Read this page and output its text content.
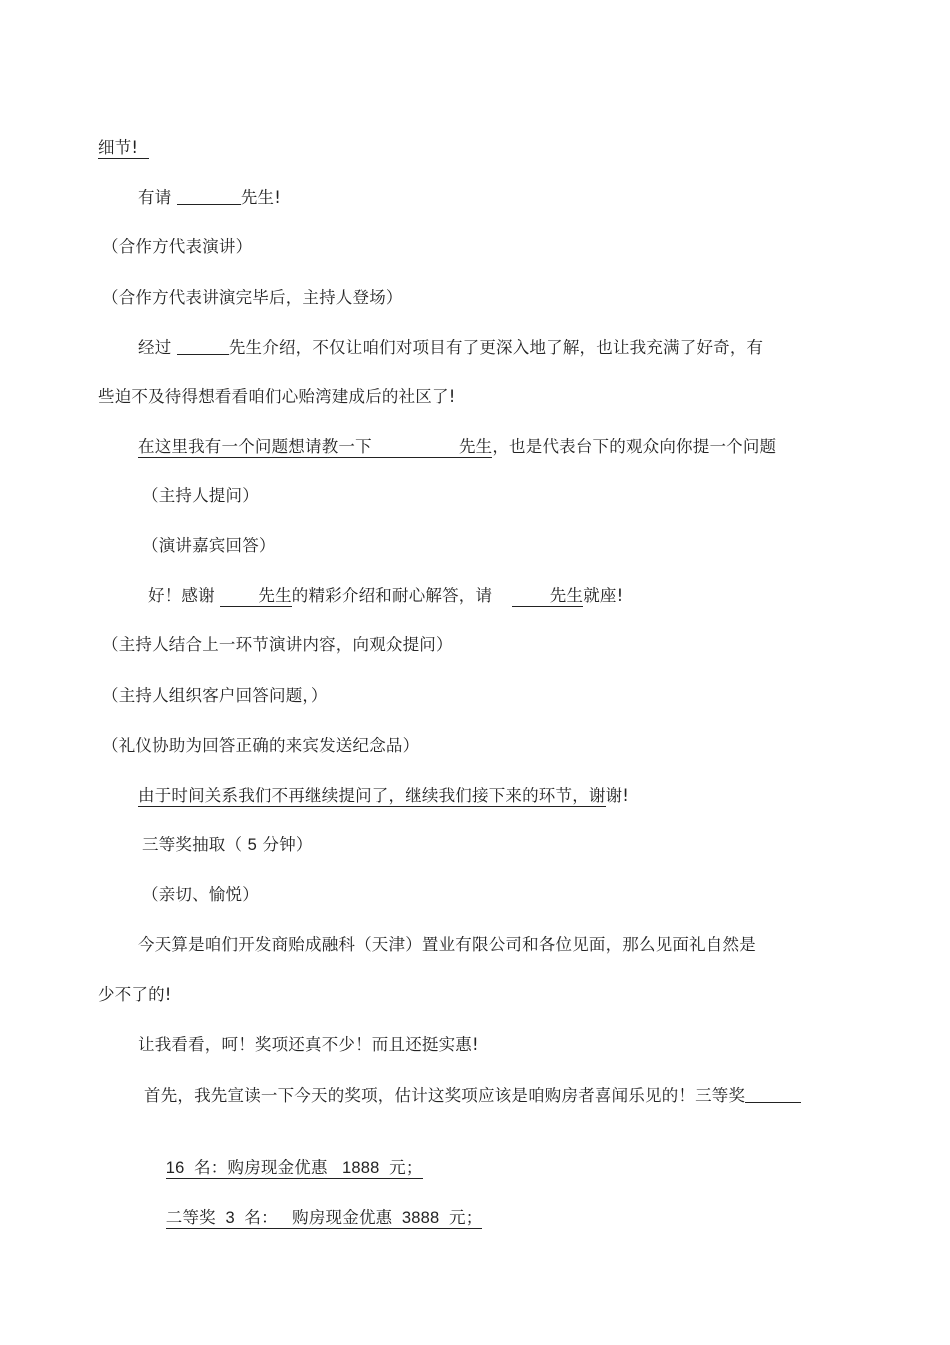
细节!
有请	先生!
（合作方代表演讲）
（合作方代表讲演完毕后，主持人登场）
经过	先生介绍，不仅让咱们对项目有了更深入地了解，也让我充满了好奇，有
些迫不及待得想看看咱们心贻湾建成后的社区了!
在这里我有一个问题想请教一下	先生，也是代表台下的观众向你提一个问题
（主持人提问）
（演讲嘉宾回答）
好！感谢	先生的精彩介绍和耐心解答，请	先生就座!
（主持人结合上一环节演讲内容，向观众提问）
（主持人组织客户回答问题，）
（礼仪协助为回答正确的来宾发送纪念品）
由于时间关系我们不再继续提问了，继续我们接下来的环节，谢谢!
三等奖抽取（ 5 分钟）
（亲切、愉悦）
今天算是咱们开发商贻成融科（天津）置业有限公司和各位见面，那么见面礼自然是
少不了的!
让我看看，呵！奖项还真不少！而且还挺实惠!
首先，我先宣读一下今天的奖项，估计这奖项应该是咱购房者喜闻乐见的！三等奖

16  名：购房现金优惠   1888  元；

二等奖  3  名：   购房现金优惠  3888  元；
